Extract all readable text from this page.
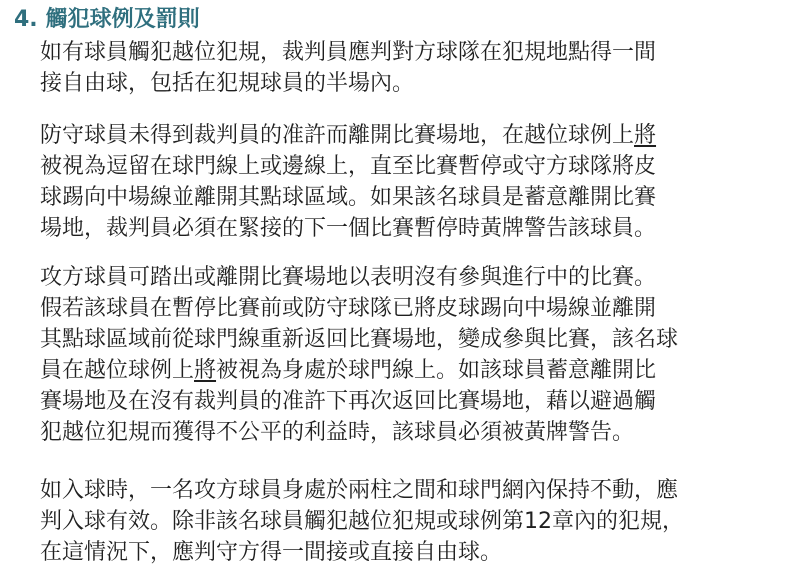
4. 觸犯球例及罰則

如有球員觸犯越位犯規，裁判員應判對方球隊在犯規地點得一間
接自由球，包括在犯規球員的半場內。

防守球員未得到裁判員的准許而離開比賽場地，在越位球例上將
被視為逗留在球門線上或邊線上，直至比賽暫停或守方球隊將皮
球踢向中場線並離開其點球區域。如果該名球員是蓄意離開比賽
場地，裁判員必須在緊接的下一個比賽暫停時黃牌警告該球員。

攻方球員可踏出或離開比賽場地以表明沒有參與進行中的比賽。
假若該球員在暫停比賽前或防守球隊已將皮球踢向中場線並離開
其點球區域前從球門線重新返回比賽場地，變成參與比賽，該名球
員在越位球例上將被視為身處於球門線上。如該球員蓄意離開比
賽場地及在沒有裁判員的准許下再次返回比賽場地，藉以避過觸
犯越位犯規而獲得不公平的利益時，該球員必須被黃牌警告。

如入球時，一名攻方球員身處於兩柱之間和球門網內保持不動，應
判入球有效。除非該名球員觸犯越位犯規或球例第12章內的犯規，
在這情況下，應判守方得一間接或直接自由球。
